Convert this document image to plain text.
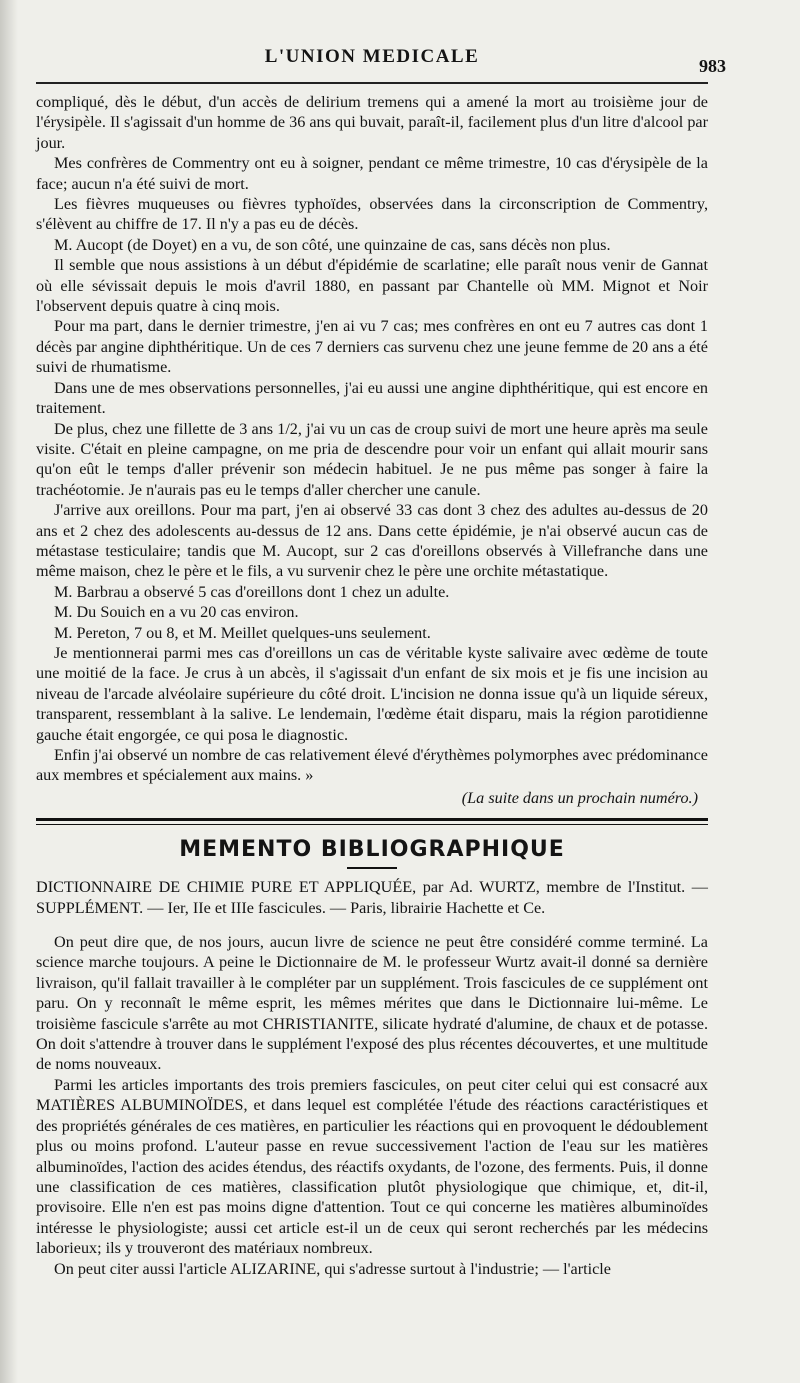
L'UNION MEDICALE	983

compliqué, dès le début, d'un accès de delirium tremens qui a amené la mort au troisième jour de l'érysipèle. Il s'agissait d'un homme de 36 ans qui buvait, paraît-il, facilement plus d'un litre d'alcool par jour.

Mes confrères de Commentry ont eu à soigner, pendant ce même trimestre, 10 cas d'érysipèle de la face; aucun n'a été suivi de mort.

Les fièvres muqueuses ou fièvres typhoïdes, observées dans la circonscription de Commentry, s'élèvent au chiffre de 17. Il n'y a pas eu de décès.

M. Aucopt (de Doyet) en a vu, de son côté, une quinzaine de cas, sans décès non plus.

Il semble que nous assistions à un début d'épidémie de scarlatine; elle paraît nous venir de Gannat où elle sévissait depuis le mois d'avril 1880, en passant par Chantelle où MM. Mignot et Noir l'observent depuis quatre à cinq mois.

Pour ma part, dans le dernier trimestre, j'en ai vu 7 cas; mes confrères en ont eu 7 autres cas dont 1 décès par angine diphthéritique. Un de ces 7 derniers cas survenu chez une jeune femme de 20 ans a été suivi de rhumatisme.

Dans une de mes observations personnelles, j'ai eu aussi une angine diphthéritique, qui est encore en traitement.

De plus, chez une fillette de 3 ans 1/2, j'ai vu un cas de croup suivi de mort une heure après ma seule visite. C'était en pleine campagne, on me pria de descendre pour voir un enfant qui allait mourir sans qu'on eût le temps d'aller prévenir son médecin habituel. Je ne pus même pas songer à faire la trachéotomie. Je n'aurais pas eu le temps d'aller chercher une canule.

J'arrive aux oreillons. Pour ma part, j'en ai observé 33 cas dont 3 chez des adultes au-dessus de 20 ans et 2 chez des adolescents au-dessus de 12 ans. Dans cette épidémie, je n'ai observé aucun cas de métastase testiculaire; tandis que M. Aucopt, sur 2 cas d'oreillons observés à Villefranche dans une même maison, chez le père et le fils, a vu survenir chez le père une orchite métastatique.

M. Barbrau a observé 5 cas d'oreillons dont 1 chez un adulte.

M. Du Souich en a vu 20 cas environ.

M. Pereton, 7 ou 8, et M. Meillet quelques-uns seulement.

Je mentionnerai parmi mes cas d'oreillons un cas de véritable kyste salivaire avec œdème de toute une moitié de la face. Je crus à un abcès, il s'agissait d'un enfant de six mois et je fis une incision au niveau de l'arcade alvéolaire supérieure du côté droit. L'incision ne donna issue qu'à un liquide séreux, transparent, ressemblant à la salive. Le lendemain, l'œdème était disparu, mais la région parotidienne gauche était engorgée, ce qui posa le diagnostic.

Enfin j'ai observé un nombre de cas relativement élevé d'érythèmes polymorphes avec prédominance aux membres et spécialement aux mains. »

(La suite dans un prochain numéro.)
MEMENTO BIBLIOGRAPHIQUE

DICTIONNAIRE DE CHIMIE PURE ET APPLIQUÉE, par Ad. WURTZ, membre de l'Institut. — SUPPLÉMENT. — Ier, IIe et IIIe fascicules. — Paris, librairie Hachette et Ce.

On peut dire que, de nos jours, aucun livre de science ne peut être considéré comme terminé. La science marche toujours. A peine le Dictionnaire de M. le professeur Wurtz avait-il donné sa dernière livraison, qu'il fallait travailler à le compléter par un supplément. Trois fascicules de ce supplément ont paru. On y reconnaît le même esprit, les mêmes mérites que dans le Dictionnaire lui-même. Le troisième fascicule s'arrête au mot CHRISTIANITE, silicate hydraté d'alumine, de chaux et de potasse. On doit s'attendre à trouver dans le supplément l'exposé des plus récentes découvertes, et une multitude de noms nouveaux.

Parmi les articles importants des trois premiers fascicules, on peut citer celui qui est consacré aux MATIÈRES ALBUMINOÏDES, et dans lequel est complétée l'étude des réactions caractéristiques et des propriétés générales de ces matières, en particulier les réactions qui en provoquent le dédoublement plus ou moins profond. L'auteur passe en revue successivement l'action de l'eau sur les matières albuminoïdes, l'action des acides étendus, des réactifs oxydants, de l'ozone, des ferments. Puis, il donne une classification de ces matières, classification plutôt physiologique que chimique, et, dit-il, provisoire. Elle n'en est pas moins digne d'attention. Tout ce qui concerne les matières albuminoïdes intéresse le physiologiste; aussi cet article est-il un de ceux qui seront recherchés par les médecins laborieux; ils y trouveront des matériaux nombreux.

On peut citer aussi l'article ALIZARINE, qui s'adresse surtout à l'industrie; — l'article
